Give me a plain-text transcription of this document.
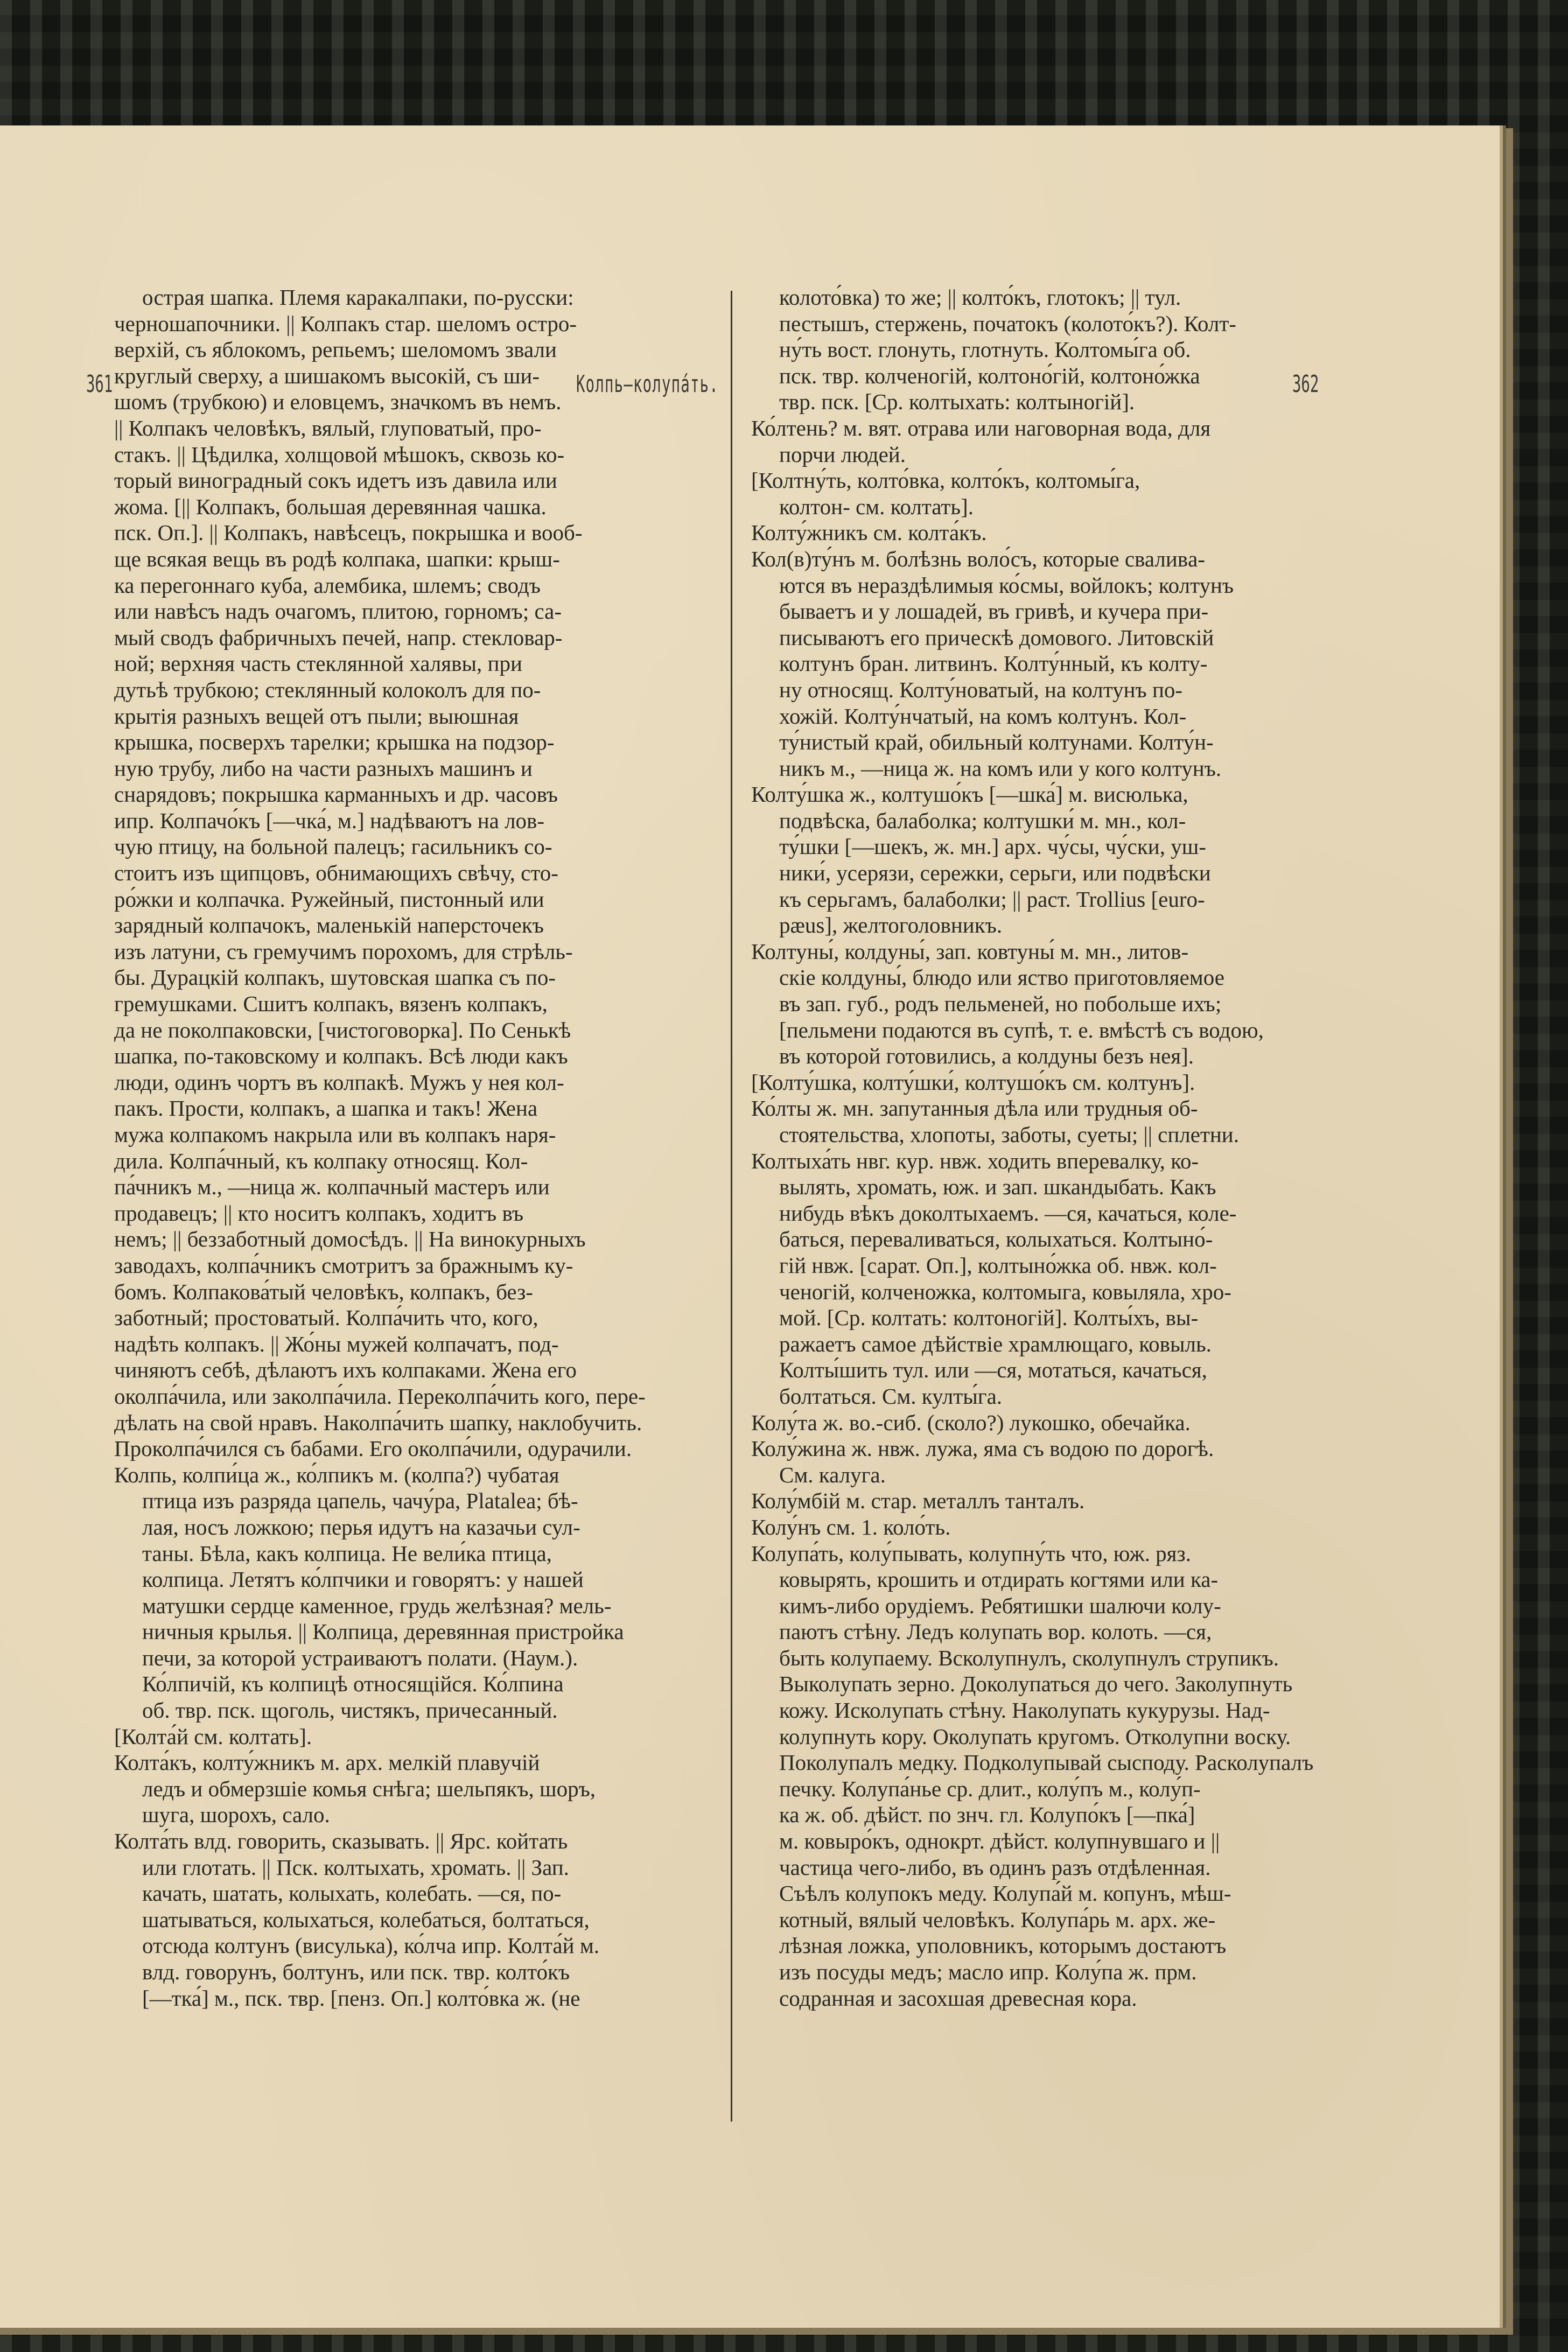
361	Колпь—колупа́ть.	362
острая шапка. Племя каракалпаки, по-русски:
черношапочники. || Колпакъ стар. шеломъ остро-
верхій, съ яблокомъ, репьемъ; шеломомъ звали
круглый сверху, а шишакомъ высокій, съ ши-
шомъ (трубкою) и еловцемъ, значкомъ въ немъ.
|| Колпакъ человѣкъ, вялый, глуповатый, про-
стакъ. || Цѣдилка, холщовой мѣшокъ, сквозь ко-
торый виноградный сокъ идетъ изъ давила или
жома. [|| Колпакъ, большая деревянная чашка.
пск. Оп.]. || Колпакъ, навѣсецъ, покрышка и вооб-
ще всякая вещь въ родѣ колпака, шапки: крыш-
ка перегоннаго куба, алембика, шлемъ; сводъ
или навѣсъ надъ очагомъ, плитою, горномъ; са-
мый сводъ фабричныхъ печей, напр. стекловар-
ной; верхняя часть стеклянной халявы, при
дутьѣ трубкою; стеклянный колоколъ для по-
крытія разныхъ вещей отъ пыли; выюшная
крышка, посверхъ тарелки; крышка на подзор-
ную трубу, либо на части разныхъ машинъ и
снарядовъ; покрышка карманныхъ и др. часовъ
ипр. Колпачо́къ [—чка́, м.] надѣваютъ на лов-
чую птицу, на больной палецъ; гасильникъ со-
стоитъ изъ щипцовъ, обнимающихъ свѣчу, сто-
ро́жки и колпачка. Ружейный, пистонный или
зарядный колпачокъ, маленькій наперсточекъ
изъ латуни, съ гремучимъ порохомъ, для стрѣль-
бы. Дурацкій колпакъ, шутовская шапка съ по-
гремушками. Сшитъ колпакъ, вязенъ колпакъ,
да не поколпаковски, [чистоговорка]. По Сенькѣ
шапка, по-таковскому и колпакъ. Всѣ люди какъ
люди, одинъ чортъ въ колпакѣ. Мужъ у нея кол-
пакъ. Прости, колпакъ, а шапка и такъ! Жена
мужа колпакомъ накрыла или въ колпакъ наря-
дила. Колпа́чный, къ колпаку относящ. Кол-
па́чникъ м., —ница ж. колпачный мастеръ или
продавецъ; || кто носитъ колпакъ, ходитъ въ
немъ; || беззаботный домосѣдъ. || На винокурныхъ
заводахъ, колпа́чникъ смотритъ за бражнымъ ку-
бомъ. Колпакова́тый человѣкъ, колпакъ, без-
заботный; простоватый. Колпа́чить что, кого,
надѣть колпакъ. || Жо́ны мужей колпачатъ, под-
чиняютъ себѣ, дѣлаютъ ихъ колпаками. Жена его
околпа́чила, или заколпа́чила. Переколпа́чить кого, пере-
дѣлать на свой нравъ. Наколпа́чить шапку, наклобучить.
Проколпа́чился съ бабами. Его околпа́чили, одурачили.
Колпь, колпи́ца ж., ко́лпикъ м. (колпа?) чубатая
птица изъ разряда цапель, чачу́ра, Platalea; бѣ-
лая, носъ ложкою; перья идутъ на казачьи сул-
таны. Бѣла, какъ колпица. Не вели́ка птица,
колпица. Летятъ ко́лпчики и говорятъ: у нашей
матушки сердце каменное, грудь желѣзная? мель-
ничныя крылья. || Колпица, деревянная пристройка
печи, за которой устраиваютъ полати. (Наум.).
Ко́лпичій, къ колпицѣ относящійся. Ко́лпина
об. твр. пск. щоголь, чистякъ, причесанный.
[Колта́й см. колтать].
Колта́къ, колту́жникъ м. арх. мелкій плавучій
ледъ и обмерзшіе комья снѣга; шельпякъ, шоръ,
шуга, шорохъ, сало.
Колта́ть влд. говорить, сказывать. || Ярс. койтать
или глотать. || Пск. колтыхать, хромать. || Зап.
качать, шатать, колыхать, колебать. —ся, по-
шатываться, колыхаться, колебаться, болтаться,
отсюда колтунъ (висулька), ко́лча ипр. Колта́й м.
влд. говорунъ, болтунъ, или пск. твр. колто́къ
[—тка́] м., пск. твр. [пенз. Оп.] колто́вка ж. (не
колото́вка) то же; || колто́къ, глотокъ; || тул.
пестышъ, стержень, початокъ (колото́къ?). Колт-
ну́ть вост. глонуть, глотнуть. Колтомы́га об.
пск. твр. колченогій, колтоно́гій, колтоно́жка
твр. пск. [Ср. колтыхать: колтыногій].
Ко́лтень? м. вят. отрава или наговорная вода, для
порчи людей.
[Колтну́ть, колто́вка, колто́къ, колтомы́га,
колтон- см. колтать].
Колту́жникъ см. колта́къ.
Кол(в)ту́нъ м. болѣзнь воло́съ, которые сваливa-
ются въ нераздѣлимыя ко́смы, войлокъ; колтунъ
бываетъ и у лошадей, въ гривѣ, и кучера при-
писываютъ его прическѣ домового. Литовскій
колтунъ бран. литвинъ. Колту́нный, къ колту-
ну относящ. Колту́новатый, на колтунъ по-
хожій. Колту́нчатый, на комъ колтунъ. Кол-
ту́нистый край, обильный колтунами. Колту́н-
никъ м., —ница ж. на комъ или у кого колтунъ.
Колту́шка ж., колтушо́къ [—шка́] м. висюлька,
подвѣска, балаболка; колтушки́ м. мн., кол-
ту́шки [—шекъ, ж. мн.] арх. чу́сы, чу́ски, уш-
ники́, усерязи, сережки, серьги, или подвѣски
къ серьгамъ, балаболки; || раст. Trollius [euro-
pæus], желтоголовникъ.
Колтуны́, колдуны́, зап. ковтуны́ м. мн., литов-
скіе колдуны́, блюдо или яство приготовляемое
въ зап. губ., родъ пельменей, но побольше ихъ;
[пельмени подаются въ супѣ, т. е. вмѣстѣ съ водою,
въ которой готовились, а колдуны безъ нея].
[Колту́шка, колту́шки́, колтушо́къ см. колтунъ].
Ко́лты ж. мн. запутанныя дѣла или трудныя об-
стоятельства, хлопоты, заботы, суеты; || сплетни.
Колтыха́ть нвг. кур. нвж. ходить вперевалку, ко-
вылять, хромать, юж. и зап. шкандыбать. Какъ
нибудь вѣкъ доколтыхаемъ. —ся, качаться, коле-
баться, переваливаться, колыхаться. Колтыно́-
гій нвж. [сарат. Оп.], колтыно́жка об. нвж. кол-
ченогій, колченожка, колтомыга, ковыляла, хро-
мой. [Ср. колтать: колтоногій]. Колты́хъ, вы-
ражаетъ самое дѣйствіе храмлющаго, ковыль.
Колты́шить тул. или —ся, мотаться, качаться,
болтаться. См. култы́га.
Колу́та ж. во.-сиб. (сколо?) лукошко, обечайка.
Колу́жина ж. нвж. лужа, яма съ водою по дорогѣ.
См. калуга.
Колу́мбій м. стар. металлъ танталъ.
Колу́нъ см. 1. коло́ть.
Колупа́ть, колу́пывать, колупну́ть что, юж. ряз.
ковырять, крошить и отдирать когтями или ка-
кимъ-либо орудіемъ. Ребятишки шалючи колу-
паютъ стѣну. Ледъ колупать вор. колоть. —ся,
быть колупаему. Всколупнулъ, сколупнулъ струпикъ.
Выколупать зерно. Доколупаться до чего. Заколупнуть
кожу. Исколупать стѣну. Наколупать кукурузы. Над-
колупнуть кору. Околупать кругомъ. Отколупни воску.
Поколупалъ медку. Подколупывай сысподу. Расколупалъ
печку. Колупа́нье ср. длит., колу́пъ м., колу́п-
ка ж. об. дѣйст. по знч. гл. Колупо́къ [—пка́]
м. ковыро́къ, однокрт. дѣйст. колупнувшаго и ||
частица чего-либо, въ одинъ разъ отдѣленная.
Съѣлъ колупокъ меду. Колупа́й м. копунъ, мѣш-
котный, вялый человѣкъ. Колупа́рь м. арх. же-
лѣзная ложка, уполовникъ, которымъ достаютъ
изъ посуды медъ; масло ипр. Колу́па ж. прм.
содранная и засохшая древесная кора.
